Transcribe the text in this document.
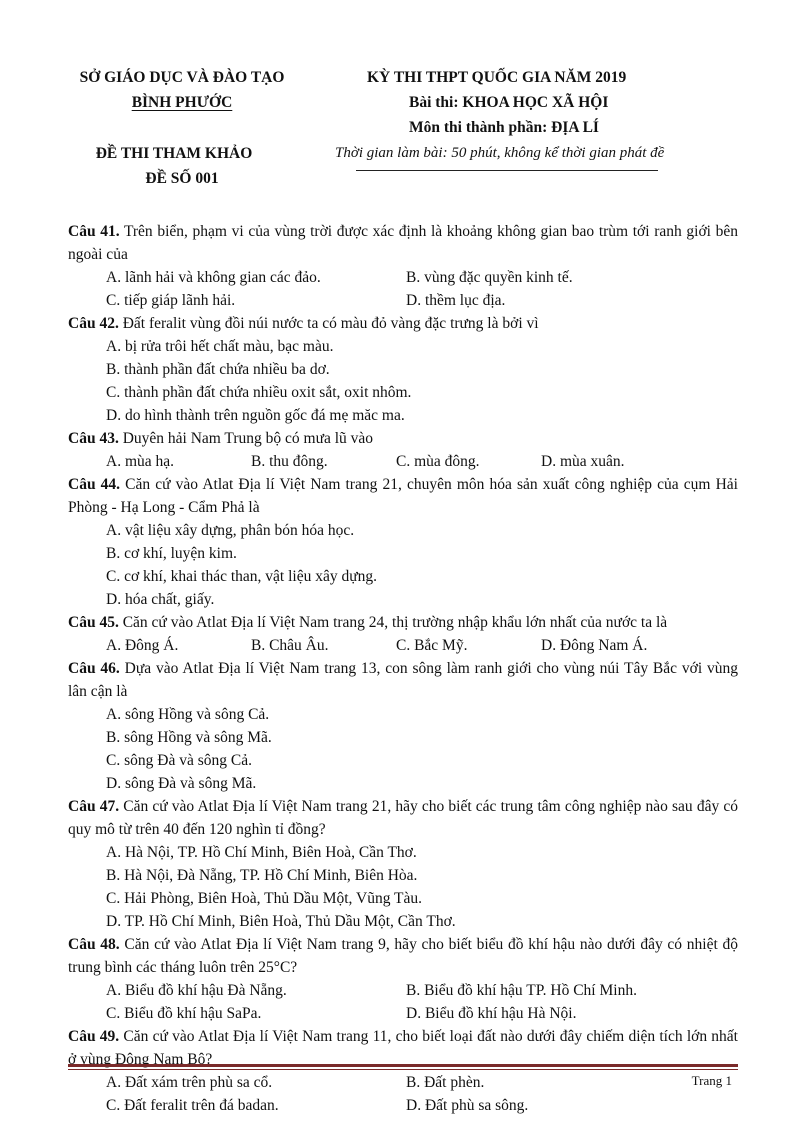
SỞ GIÁO DỤC VÀ ĐÀO TẠO
BÌNH PHƯỚC
ĐỀ THI THAM KHẢO
ĐỀ SỐ 001
KỲ THI THPT QUỐC GIA NĂM 2019
Bài thi: KHOA HỌC XÃ HỘI
Môn thi thành phần: ĐỊA LÍ
Thời gian làm bài: 50 phút, không kể thời gian phát đề

Câu 41. Trên biển, phạm vi của vùng trời được xác định là khoảng không gian bao trùm tới ranh giới bên ngoài của

A. lãnh hải và không gian các đảo.	B. vùng đặc quyền kinh tế.
C. tiếp giáp lãnh hải.	D. thềm lục địa.

Câu 42. Đất feralit vùng đồi núi nước ta có màu đỏ vàng đặc trưng là bởi vì

A. bị rửa trôi hết chất màu, bạc màu.
B. thành phần đất chứa nhiều ba dơ.
C. thành phần đất chứa nhiều oxit sắt, oxit nhôm.
D. do hình thành trên nguồn gốc đá mẹ măc ma.

Câu 43. Duyên hải Nam Trung bộ có mưa lũ vào

A. mùa hạ.	B. thu đông.	C. mùa đông.	D. mùa xuân.

Câu 44. Căn cứ vào Atlat Địa lí Việt Nam trang 21, chuyên môn hóa sản xuất công nghiệp của cụm Hải Phòng - Hạ Long - Cẩm Phả là

A. vật liệu xây dựng, phân bón hóa học.
B. cơ khí, luyện kim.
C. cơ khí, khai thác than, vật liệu xây dựng.
D. hóa chất, giấy.

Câu 45. Căn cứ vào Atlat Địa lí Việt Nam trang 24, thị trường nhập khẩu lớn nhất của nước ta là

A. Đông Á.	B. Châu Âu.	C. Bắc Mỹ.	D. Đông Nam Á.

Câu 46. Dựa vào Atlat Địa lí Việt Nam trang 13, con sông làm ranh giới cho vùng núi Tây Bắc với vùng lân cận là

A. sông Hồng và sông Cả.
B. sông Hồng và sông Mã.
C. sông Đà và sông Cả.
D. sông Đà và sông Mã.

Câu 47. Căn cứ vào Atlat Địa lí Việt Nam trang 21, hãy cho biết các trung tâm công nghiệp nào sau đây có quy mô từ trên 40 đến 120 nghìn tỉ đồng?

A. Hà Nội, TP. Hồ Chí Minh, Biên Hoà, Cần Thơ.
B. Hà Nội, Đà Nẵng, TP. Hồ Chí Minh, Biên Hòa.
C. Hải Phòng, Biên Hoà, Thủ Dầu Một, Vũng Tàu.
D. TP. Hồ Chí Minh, Biên Hoà, Thủ Dầu Một, Cần Thơ.

Câu 48. Căn cứ vào Atlat Địa lí Việt Nam trang 9, hãy cho biết biểu đồ khí hậu nào dưới đây có nhiệt độ trung bình các tháng luôn trên 25°C?

A. Biểu đồ khí hậu Đà Nẵng.	B. Biểu đồ khí hậu TP. Hồ Chí Minh.
C. Biểu đồ khí hậu SaPa.	D. Biểu đồ khí hậu Hà Nội.

Câu 49. Căn cứ vào Atlat Địa lí Việt Nam trang 11, cho biết loại đất nào dưới đây chiếm diện tích lớn nhất ở vùng Đông Nam Bộ?

A. Đất xám trên phù sa cổ.	B. Đất phèn.
C. Đất feralit trên đá badan.	D. Đất phù sa sông.
Trang 1
